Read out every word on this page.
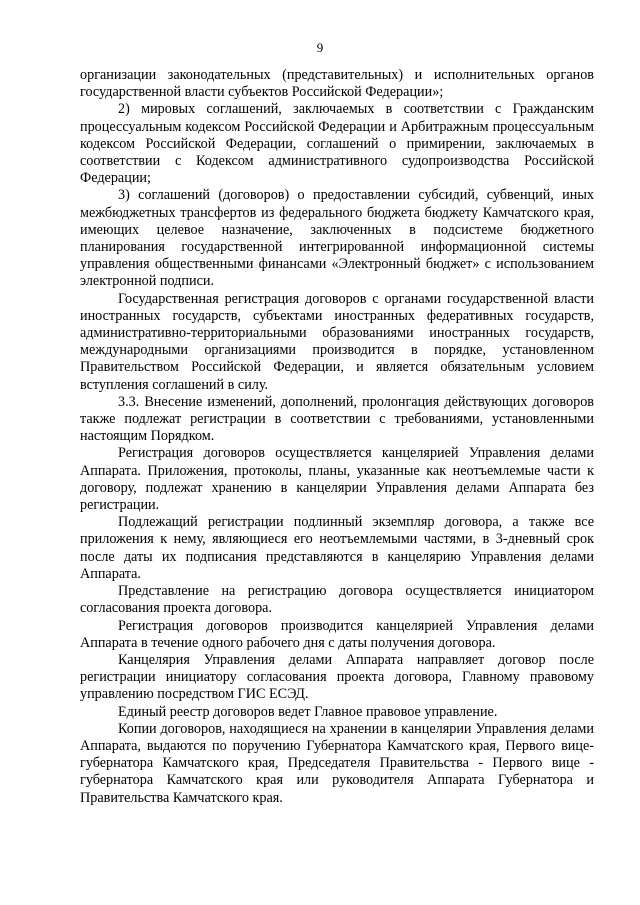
9

организации законодательных (представительных) и исполнительных органов государственной власти субъектов Российской Федерации»;

2) мировых соглашений, заключаемых в соответствии с Гражданским процессуальным кодексом Российской Федерации и Арбитражным процессуальным кодексом Российской Федерации, соглашений о примирении, заключаемых в соответствии с Кодексом административного судопроизводства Российской Федерации;

3) соглашений (договоров) о предоставлении субсидий, субвенций, иных межбюджетных трансфертов из федерального бюджета бюджету Камчатского края, имеющих целевое назначение, заключенных в подсистеме бюджетного планирования государственной интегрированной информационной системы управления общественными финансами «Электронный бюджет» с использованием электронной подписи.

Государственная регистрация договоров с органами государственной власти иностранных государств, субъектами иностранных федеративных государств, административно-территориальными образованиями иностранных государств, международными организациями производится в порядке, установленном Правительством Российской Федерации, и является обязательным условием вступления соглашений в силу.

3.3. Внесение изменений, дополнений, пролонгация действующих договоров также подлежат регистрации в соответствии с требованиями, установленными настоящим Порядком.

Регистрация договоров осуществляется канцелярией Управления делами Аппарата. Приложения, протоколы, планы, указанные как неотъемлемые части к договору, подлежат хранению в канцелярии Управления делами Аппарата без регистрации.

Подлежащий регистрации подлинный экземпляр договора, а также все приложения к нему, являющиеся его неотъемлемыми частями, в 3-дневный срок после даты их подписания представляются в канцелярию Управления делами Аппарата.

Представление на регистрацию договора осуществляется инициатором согласования проекта договора.

Регистрация договоров производится канцелярией Управления делами Аппарата в течение одного рабочего дня с даты получения договора.

Канцелярия Управления делами Аппарата направляет договор после регистрации инициатору согласования проекта договора, Главному правовому управлению посредством ГИС ЕСЭД.

Единый реестр договоров ведет Главное правовое управление.

Копии договоров, находящиеся на хранении в канцелярии Управления делами Аппарата, выдаются по поручению Губернатора Камчатского края, Первого вице-губернатора Камчатского края, Председателя Правительства - Первого вице - губернатора Камчатского края или руководителя Аппарата Губернатора и Правительства Камчатского края.
